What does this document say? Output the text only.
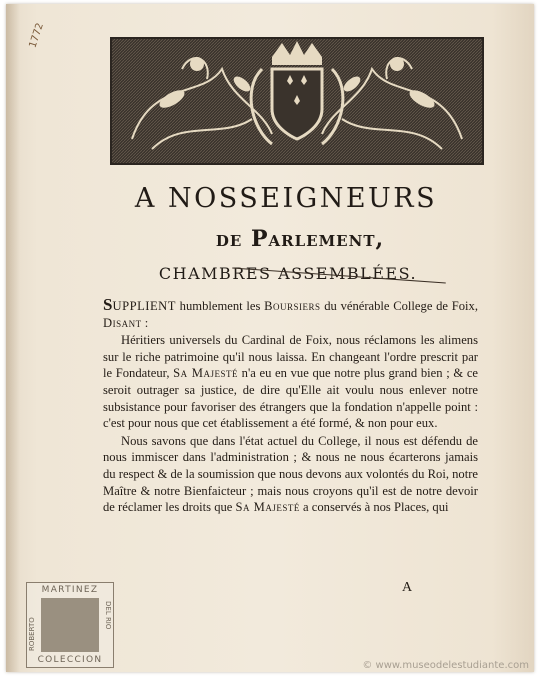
1772
A NOSSEIGNEURS
de Parlement,
CHAMBRES ASSEMBLÉES.

SUPPLIENT humblement les Boursiers du vénérable College de Foix, Disant :

Héritiers universels du Cardinal de Foix, nous réclamons les alimens sur le riche patrimoine qu'il nous laissa. En changeant l'ordre prescrit par le Fondateur, Sa Majesté n'a eu en vue que notre plus grand bien ; & ce seroit outrager sa justice, de dire qu'Elle ait voulu nous enlever notre subsistance pour favoriser des étrangers que la fondation n'appelle point : c'est pour nous que cet établissement a été formé, & non pour eux.

Nous savons que dans l'état actuel du College, il nous est défendu de nous immiscer dans l'administration ; & nous ne nous écarterons jamais du respect & de la soumission que nous devons aux volontés du Roi, notre Maître & notre Bienfaicteur ; mais nous croyons qu'il est de notre devoir de réclamer les droits que Sa Majesté a conservés à nos Places, qui

A
MARTINEZ
ROBERTO
DEL RIO
COLECCION	© www.museodelestudiante.com
